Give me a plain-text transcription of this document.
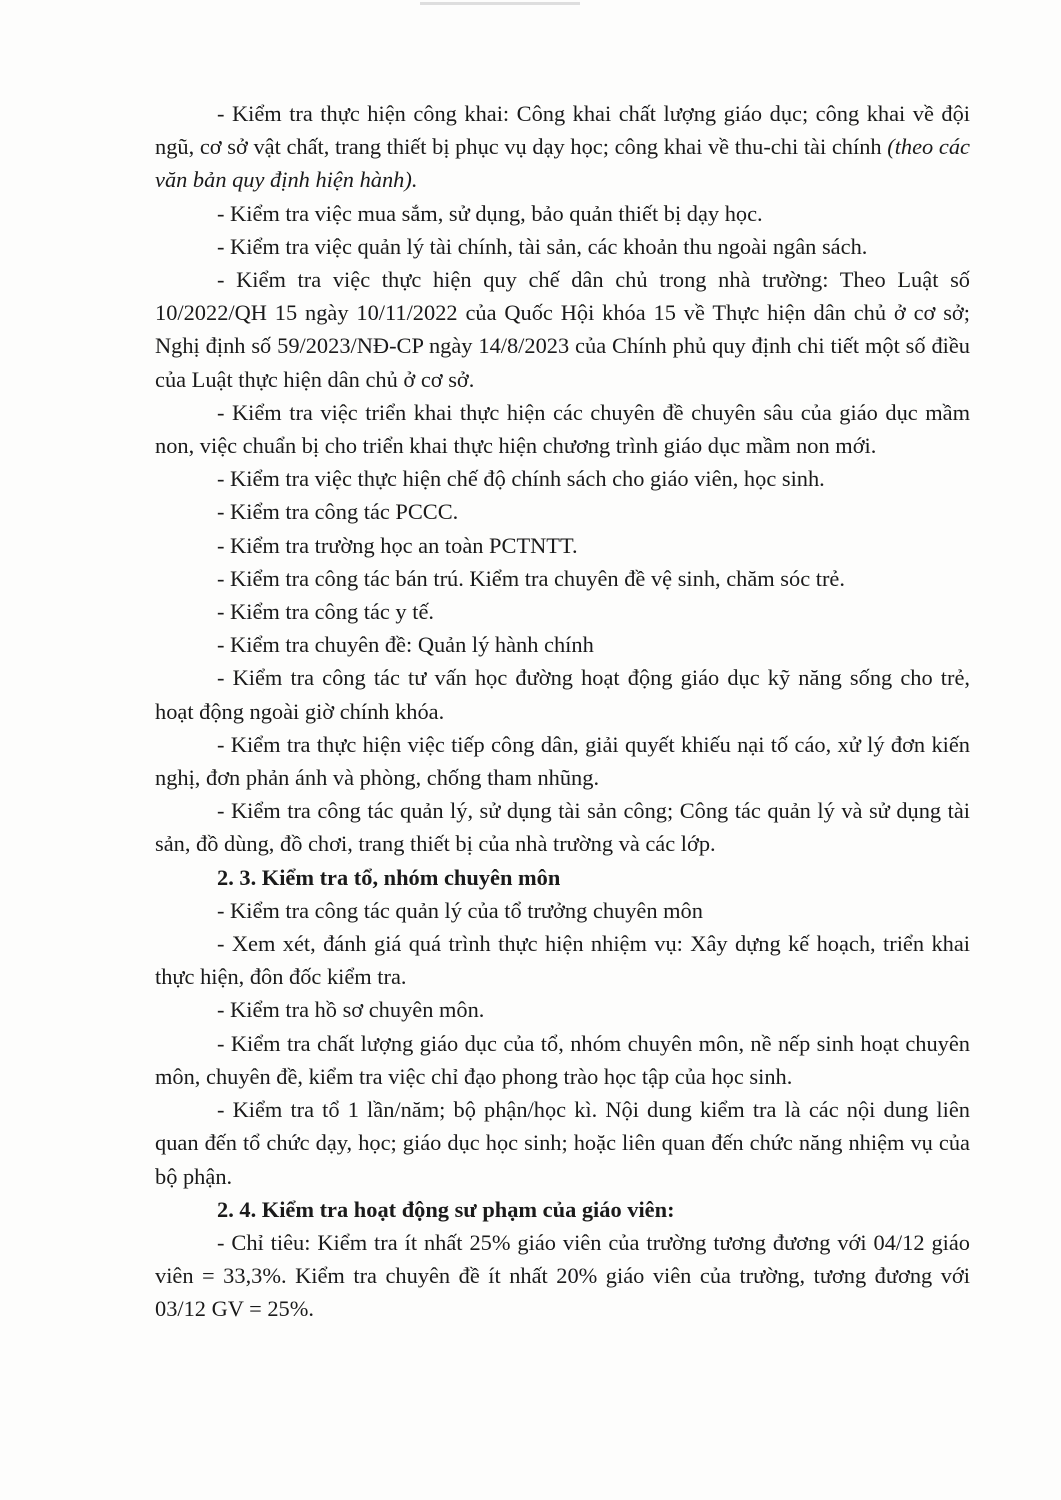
- Kiểm tra thực hiện công khai: Công khai chất lượng giáo dục; công khai về đội ngũ, cơ sở vật chất, trang thiết bị phục vụ dạy học; công khai về thu-chi tài chính (theo các văn bản quy định hiện hành).

- Kiểm tra việc mua sắm, sử dụng, bảo quản thiết bị dạy học.

- Kiểm tra việc quản lý tài chính, tài sản, các khoản thu ngoài ngân sách.

- Kiểm tra việc thực hiện quy chế dân chủ trong nhà trường: Theo Luật số 10/2022/QH 15 ngày 10/11/2022 của Quốc Hội khóa 15 về Thực hiện dân chủ ở cơ sở; Nghị định số 59/2023/NĐ-CP ngày 14/8/2023 của Chính phủ quy định chi tiết một số điều của Luật thực hiện dân chủ ở cơ sở.

- Kiểm tra việc triển khai thực hiện các chuyên đề chuyên sâu của giáo dục mầm non, việc chuẩn bị cho triển khai thực hiện chương trình giáo dục mầm non mới.

- Kiểm tra việc thực hiện chế độ chính sách cho giáo viên, học sinh.

- Kiểm tra công tác PCCC.

- Kiểm tra trường học an toàn PCTNTT.

- Kiểm tra công tác bán trú. Kiểm tra chuyên đề vệ sinh, chăm sóc trẻ.

- Kiểm tra công tác y tế.

- Kiểm tra chuyên đề: Quản lý hành chính

- Kiểm tra công tác tư vấn học đường hoạt động giáo dục kỹ năng sống cho trẻ, hoạt động ngoài giờ chính khóa.

- Kiểm tra thực hiện việc tiếp công dân, giải quyết khiếu nại tố cáo, xử lý đơn kiến nghị, đơn phản ánh và phòng, chống tham nhũng.

- Kiểm tra công tác quản lý, sử dụng tài sản công; Công tác quản lý và sử dụng tài sản, đồ dùng, đồ chơi, trang thiết bị của nhà trường và các lớp.

2. 3. Kiểm tra tổ, nhóm chuyên môn

- Kiểm tra công tác quản lý của tổ trưởng chuyên môn

- Xem xét, đánh giá quá trình thực hiện nhiệm vụ: Xây dựng kế hoạch, triển khai thực hiện, đôn đốc kiểm tra.

- Kiểm tra hồ sơ chuyên môn.

- Kiểm tra chất lượng giáo dục của tổ, nhóm chuyên môn, nề nếp sinh hoạt chuyên môn, chuyên đề, kiểm tra việc chỉ đạo phong trào học tập của học sinh.

- Kiểm tra tổ 1 lần/năm; bộ phận/học kì. Nội dung kiểm tra là các nội dung liên quan đến tổ chức dạy, học; giáo dục học sinh; hoặc liên quan đến chức năng nhiệm vụ của bộ phận.

2. 4. Kiểm tra hoạt động sư phạm của giáo viên:

- Chỉ tiêu: Kiểm tra ít nhất 25% giáo viên của trường tương đương với 04/12 giáo viên = 33,3%. Kiểm tra chuyên đề ít nhất 20% giáo viên của trường, tương đương với 03/12 GV = 25%.
